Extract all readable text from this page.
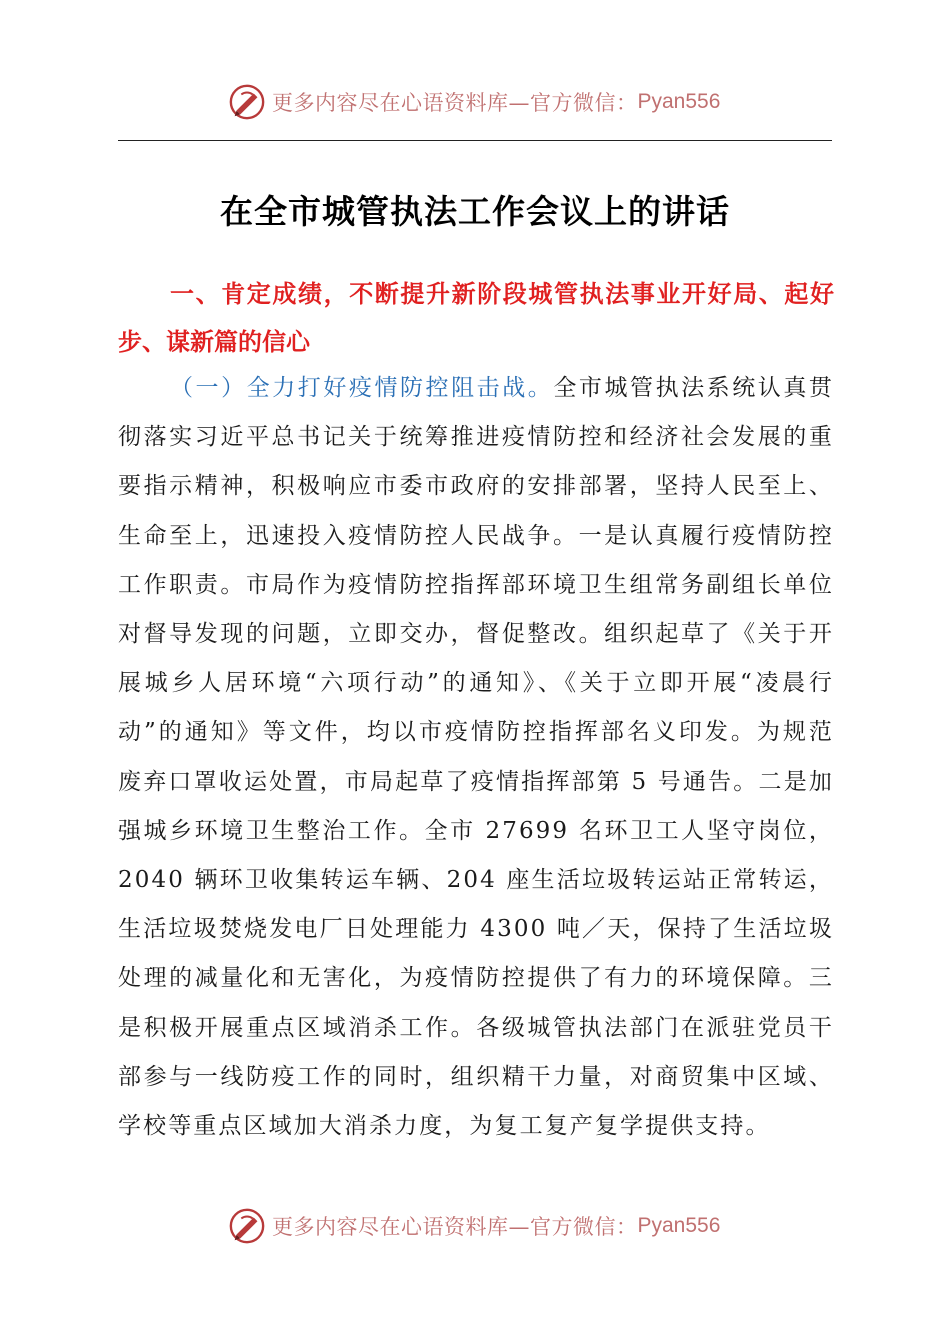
更多内容尽在心语资料库—官方微信： Pyan556
在全市城管执法工作会议上的讲话

一、肯定成绩，不断提升新阶段城管执法事业开好局、起好步、谋新篇的信心

（一）全力打好疫情防控阻击战。全市城管执法系统认真贯彻落实习近平总书记关于统筹推进疫情防控和经济社会发展的重要指示精神，积极响应市委市政府的安排部署，坚持人民至上、生命至上，迅速投入疫情防控人民战争。一是认真履行疫情防控工作职责。市局作为疫情防控指挥部环境卫生组常务副组长单位对督导发现的问题，立即交办，督促整改。组织起草了《关于开展城乡人居环境“六项行动”的通知》、《关于立即开展“凌晨行动”的通知》等文件，均以市疫情防控指挥部名义印发。为规范废弃口罩收运处置，市局起草了疫情指挥部第 5 号通告。二是加强城乡环境卫生整治工作。全市 27699 名环卫工人坚守岗位，2040 辆环卫收集转运车辆、204 座生活垃圾转运站正常转运，生活垃圾焚烧发电厂日处理能力 4300 吨／天，保持了生活垃圾处理的减量化和无害化，为疫情防控提供了有力的环境保障。三是积极开展重点区域消杀工作。各级城管执法部门在派驻党员干部参与一线防疫工作的同时，组织精干力量，对商贸集中区域、学校等重点区域加大消杀力度，为复工复产复学提供支持。

更多内容尽在心语资料库—官方微信： Pyan556
